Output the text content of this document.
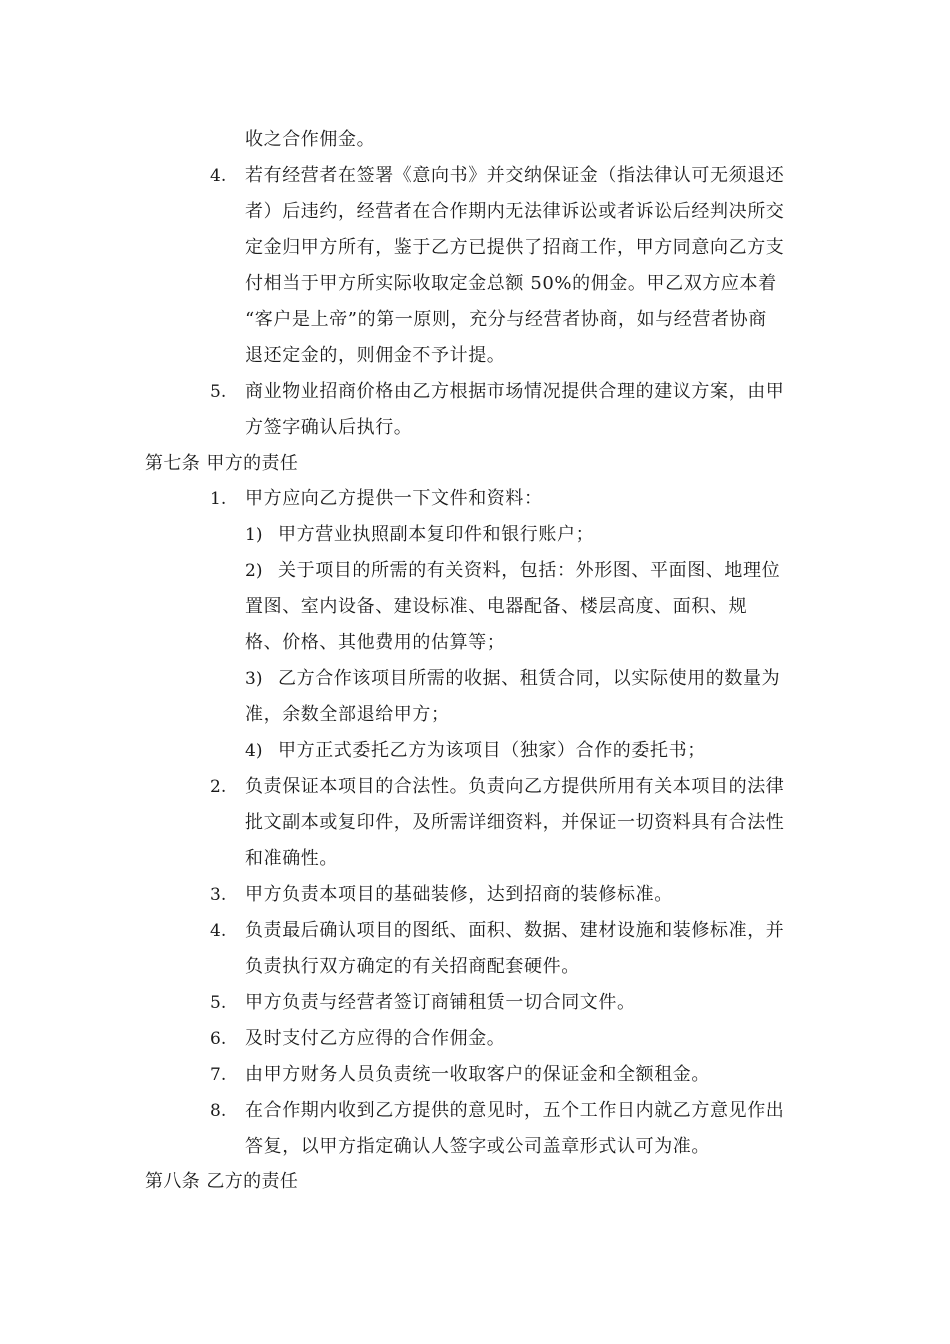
收之合作佣金。
4. 若有经营者在签署《意向书》并交纳保证金（指法律认可无须退还
者）后违约，经营者在合作期内无法律诉讼或者诉讼后经判决所交
定金归甲方所有，鉴于乙方已提供了招商工作，甲方同意向乙方支
付相当于甲方所实际收取定金总额 50%的佣金。甲乙双方应本着
“客户是上帝”的第一原则，充分与经营者协商，如与经营者协商
退还定金的，则佣金不予计提。
5. 商业物业招商价格由乙方根据市场情况提供合理的建议方案，由甲
方签字确认后执行。
第七条 甲方的责任
1. 甲方应向乙方提供一下文件和资料：
1) 甲方营业执照副本复印件和银行账户；
2) 关于项目的所需的有关资料，包括：外形图、平面图、地理位
置图、室内设备、建设标准、电器配备、楼层高度、面积、规
格、价格、其他费用的估算等；
3) 乙方合作该项目所需的收据、租赁合同，以实际使用的数量为
准，余数全部退给甲方；
4) 甲方正式委托乙方为该项目（独家）合作的委托书；
2. 负责保证本项目的合法性。负责向乙方提供所用有关本项目的法律
批文副本或复印件，及所需详细资料，并保证一切资料具有合法性
和准确性。
3. 甲方负责本项目的基础装修，达到招商的装修标准。
4. 负责最后确认项目的图纸、面积、数据、建材设施和装修标准，并
负责执行双方确定的有关招商配套硬件。
5. 甲方负责与经营者签订商铺租赁一切合同文件。
6. 及时支付乙方应得的合作佣金。
7. 由甲方财务人员负责统一收取客户的保证金和全额租金。
8. 在合作期内收到乙方提供的意见时，五个工作日内就乙方意见作出
答复，以甲方指定确认人签字或公司盖章形式认可为准。
第八条 乙方的责任
